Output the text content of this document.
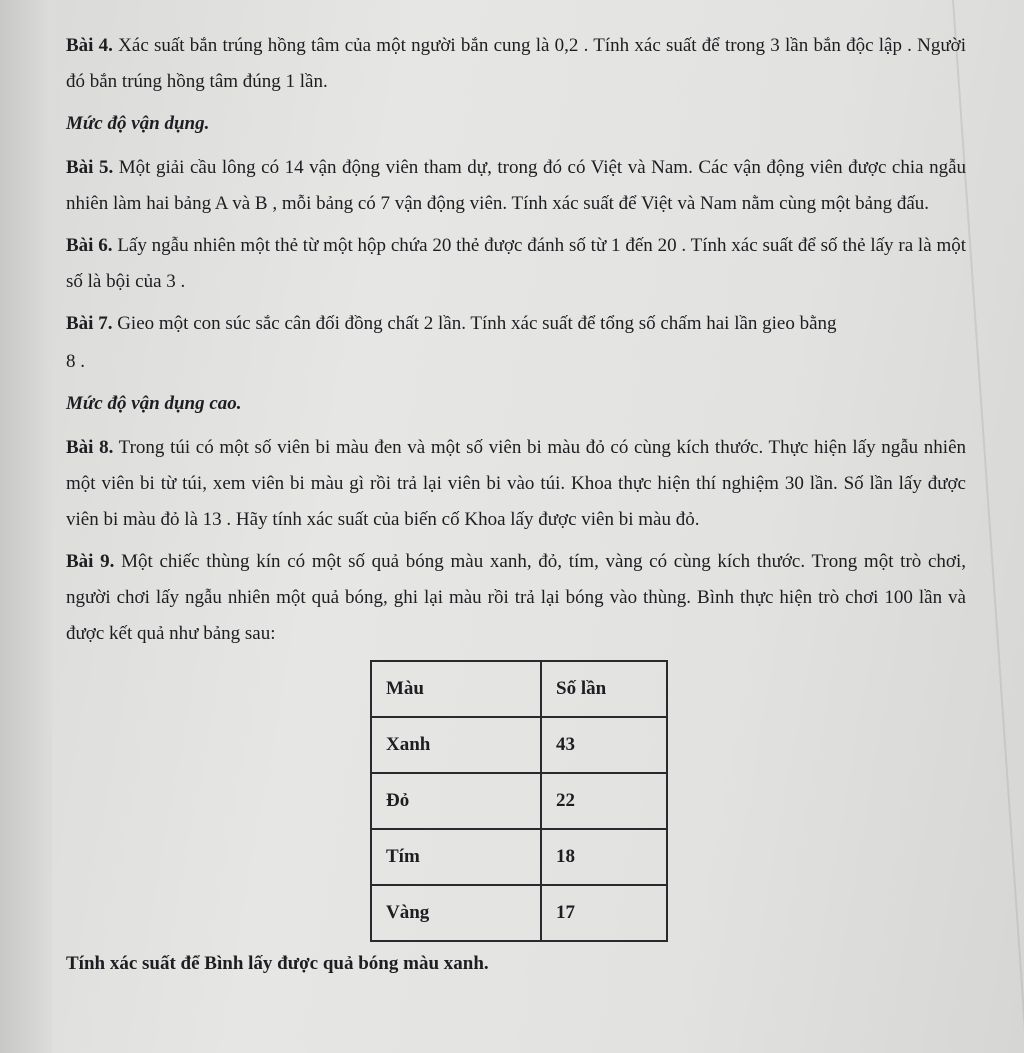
Bài 4. Xác suất bắn trúng hồng tâm của một người bắn cung là 0,2 . Tính xác suất để trong 3 lần bắn độc lập . Người đó bắn trúng hồng tâm đúng 1 lần.

Mức độ vận dụng.

Bài 5. Một giải cầu lông có 14 vận động viên tham dự, trong đó có Việt và Nam. Các vận động viên được chia ngẫu nhiên làm hai bảng A và B , mỗi bảng có 7 vận động viên. Tính xác suất để Việt và Nam nằm cùng một bảng đấu.

Bài 6. Lấy ngẫu nhiên một thẻ từ một hộp chứa 20 thẻ được đánh số từ 1 đến 20 . Tính xác suất để số thẻ lấy ra là một số là bội của 3 .

Bài 7. Gieo một con súc sắc cân đối đồng chất 2 lần. Tính xác suất để tổng số chấm hai lần gieo bằng

8 .

Mức độ vận dụng cao.

Bài 8. Trong túi có một số viên bi màu đen và một số viên bi màu đỏ có cùng kích thước. Thực hiện lấy ngẫu nhiên một viên bi từ túi, xem viên bi màu gì rồi trả lại viên bi vào túi. Khoa thực hiện thí nghiệm 30 lần. Số lần lấy được viên bi màu đỏ là 13 . Hãy tính xác suất của biến cố Khoa lấy được viên bi màu đỏ.

Bài 9. Một chiếc thùng kín có một số quả bóng màu xanh, đỏ, tím, vàng có cùng kích thước. Trong một trò chơi, người chơi lấy ngẫu nhiên một quả bóng, ghi lại màu rồi trả lại bóng vào thùng. Bình thực hiện trò chơi 100 lần và được kết quả như bảng sau:

Màu	Số lần
Xanh	43
Đỏ	22
Tím	18
Vàng	17

Tính xác suất để Bình lấy được quả bóng màu xanh.
